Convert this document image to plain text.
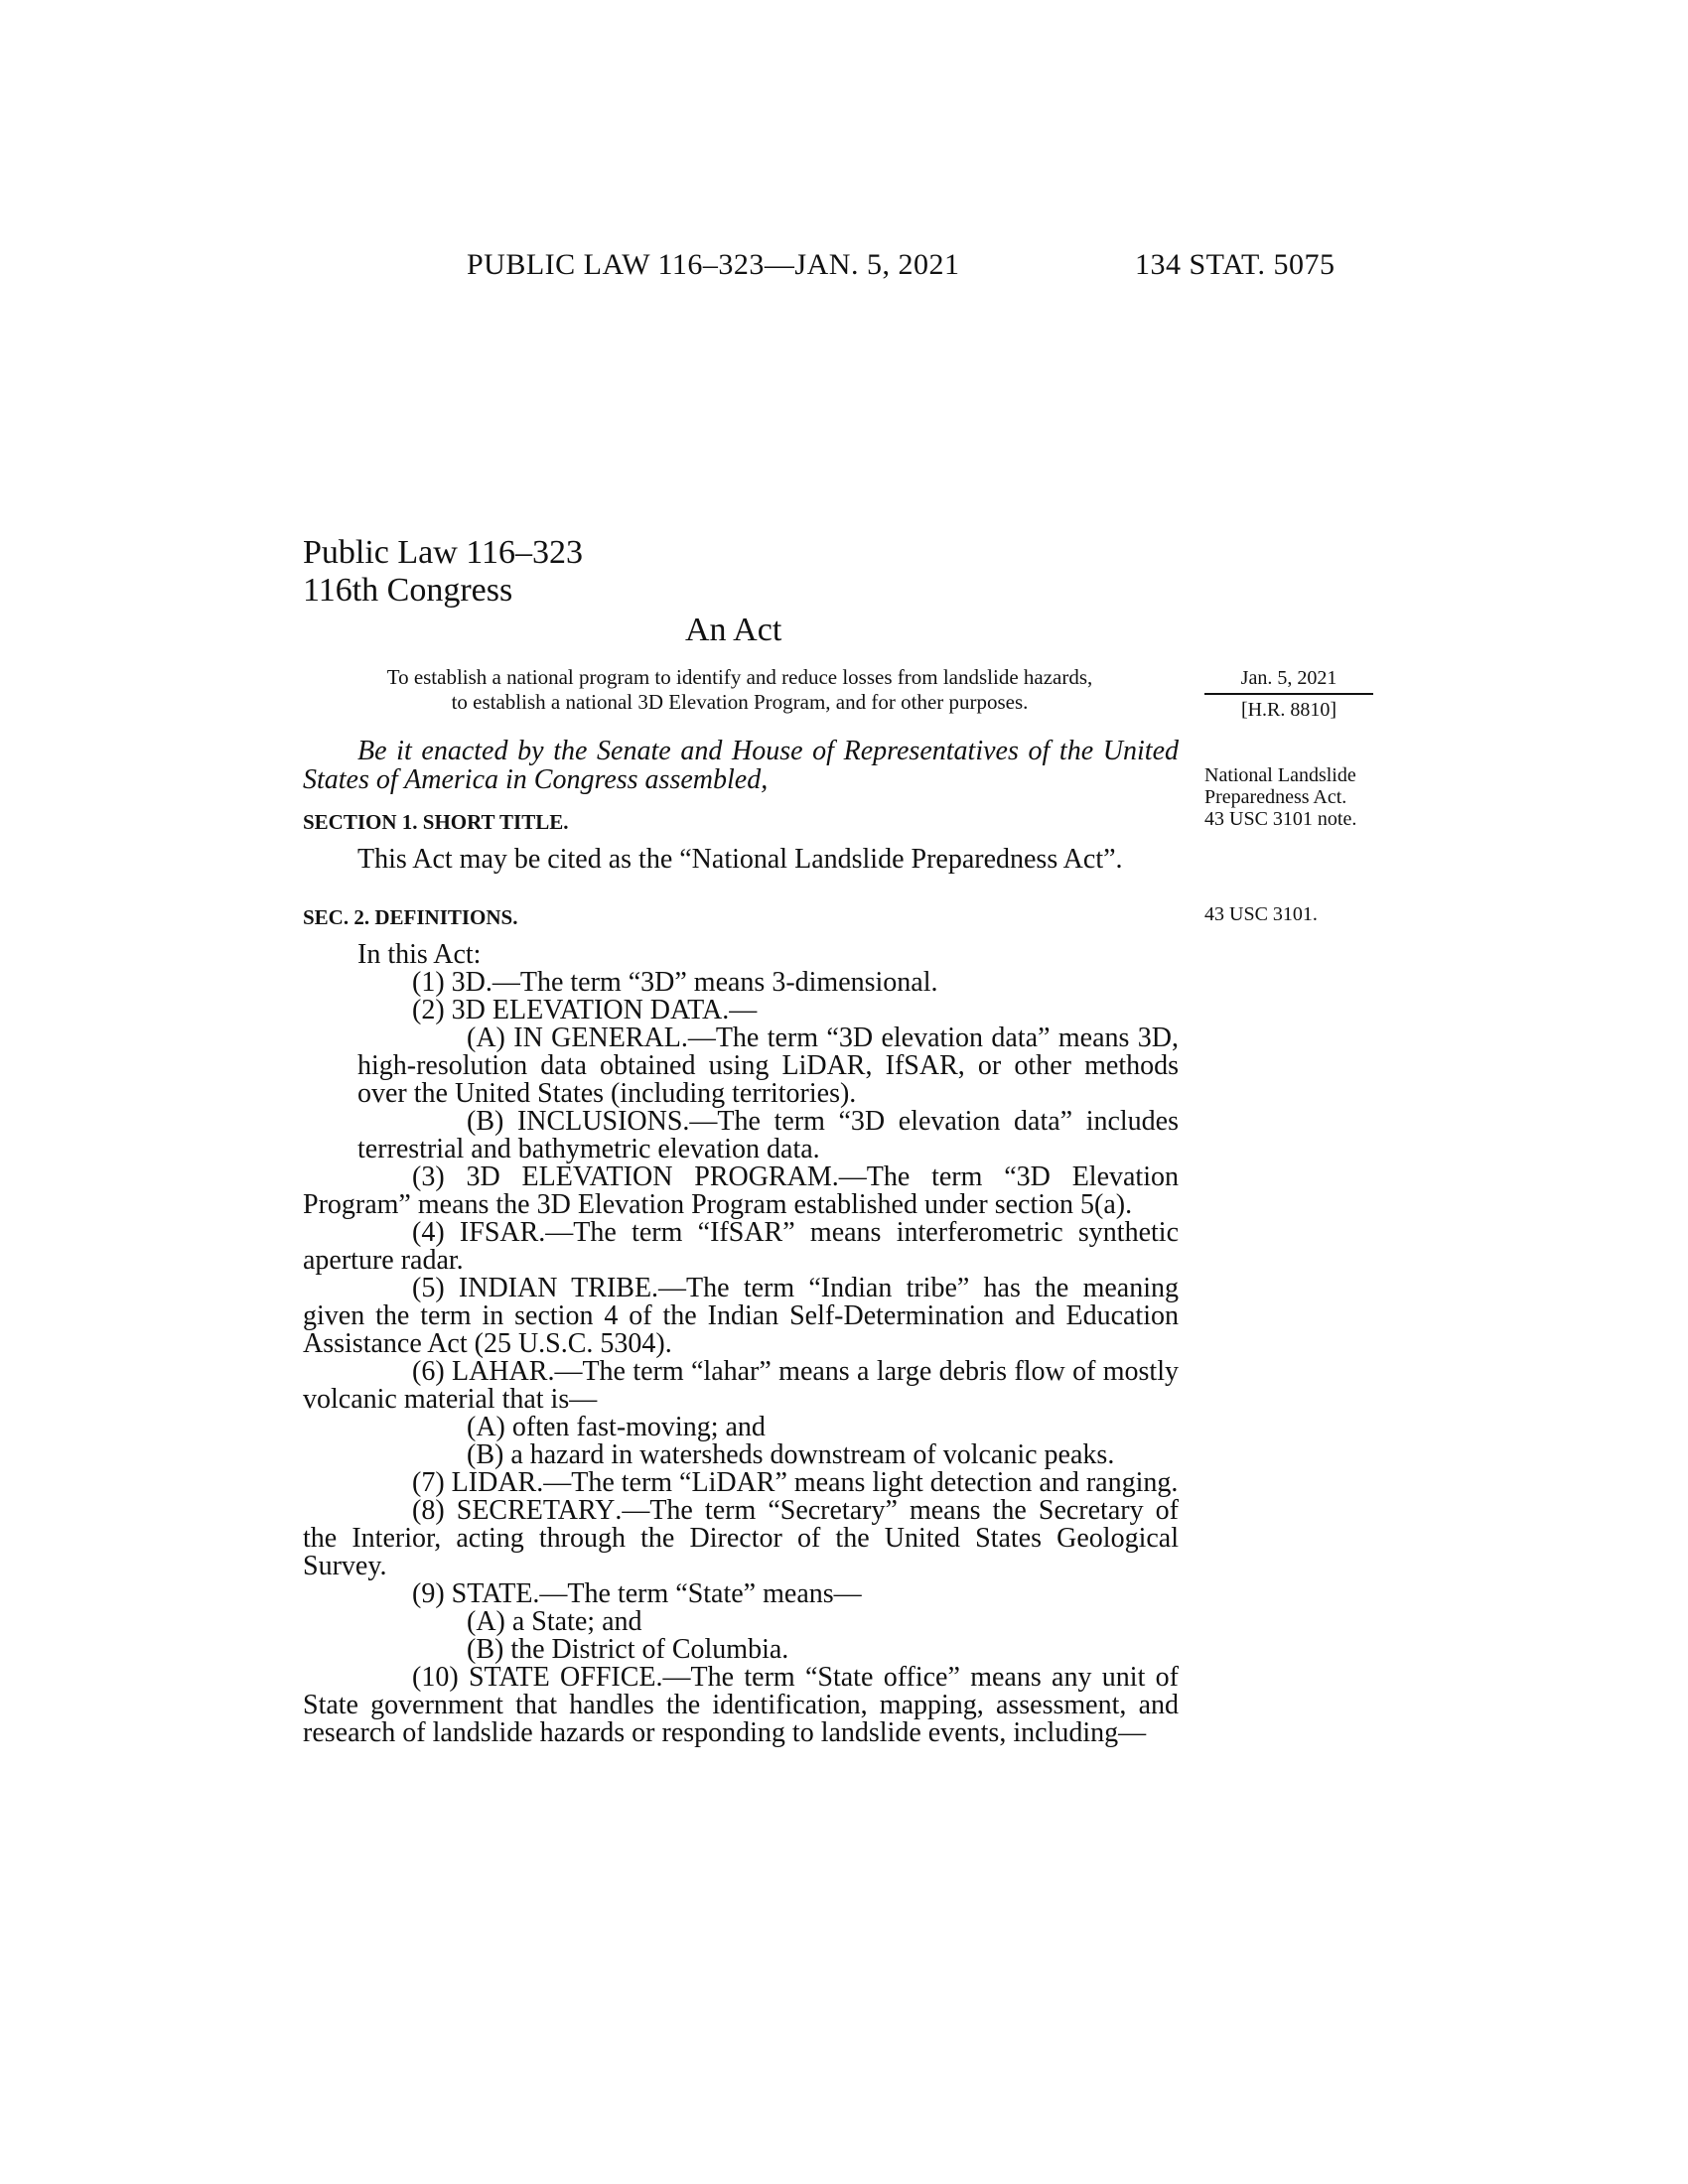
PUBLIC LAW 116–323—JAN. 5, 2021	134 STAT. 5075
Public Law 116–323
116th Congress
An Act
To establish a national program to identify and reduce losses from landslide hazards,
to establish a national 3D Elevation Program, and for other purposes.
Jan. 5, 2021
[H.R. 8810]
National Landslide Preparedness Act.
43 USC 3101 note.
43 USC 3101.
Be it enacted by the Senate and House of Representatives of the United States of America in Congress assembled,
SECTION 1. SHORT TITLE.

This Act may be cited as the “National Landslide Preparedness Act”.

SEC. 2. DEFINITIONS.

In this Act:

(1) 3D.—The term “3D” means 3-dimensional.

(2) 3D ELEVATION DATA.—

(A) IN GENERAL.—The term “3D elevation data” means 3D, high-resolution data obtained using LiDAR, IfSAR, or other methods over the United States (including territories).

(B) INCLUSIONS.—The term “3D elevation data” includes terrestrial and bathymetric elevation data.

(3) 3D ELEVATION PROGRAM.—The term “3D Elevation Program” means the 3D Elevation Program established under section 5(a).

(4) IFSAR.—The term “IfSAR” means interferometric synthetic aperture radar.

(5) INDIAN TRIBE.—The term “Indian tribe” has the meaning given the term in section 4 of the Indian Self-Determination and Education Assistance Act (25 U.S.C. 5304).

(6) LAHAR.—The term “lahar” means a large debris flow of mostly volcanic material that is—

(A) often fast-moving; and

(B) a hazard in watersheds downstream of volcanic peaks.

(7) LIDAR.—The term “LiDAR” means light detection and ranging.

(8) SECRETARY.—The term “Secretary” means the Secretary of the Interior, acting through the Director of the United States Geological Survey.

(9) STATE.—The term “State” means—

(A) a State; and

(B) the District of Columbia.

(10) STATE OFFICE.—The term “State office” means any unit of State government that handles the identification, mapping, assessment, and research of landslide hazards or responding to landslide events, including—
